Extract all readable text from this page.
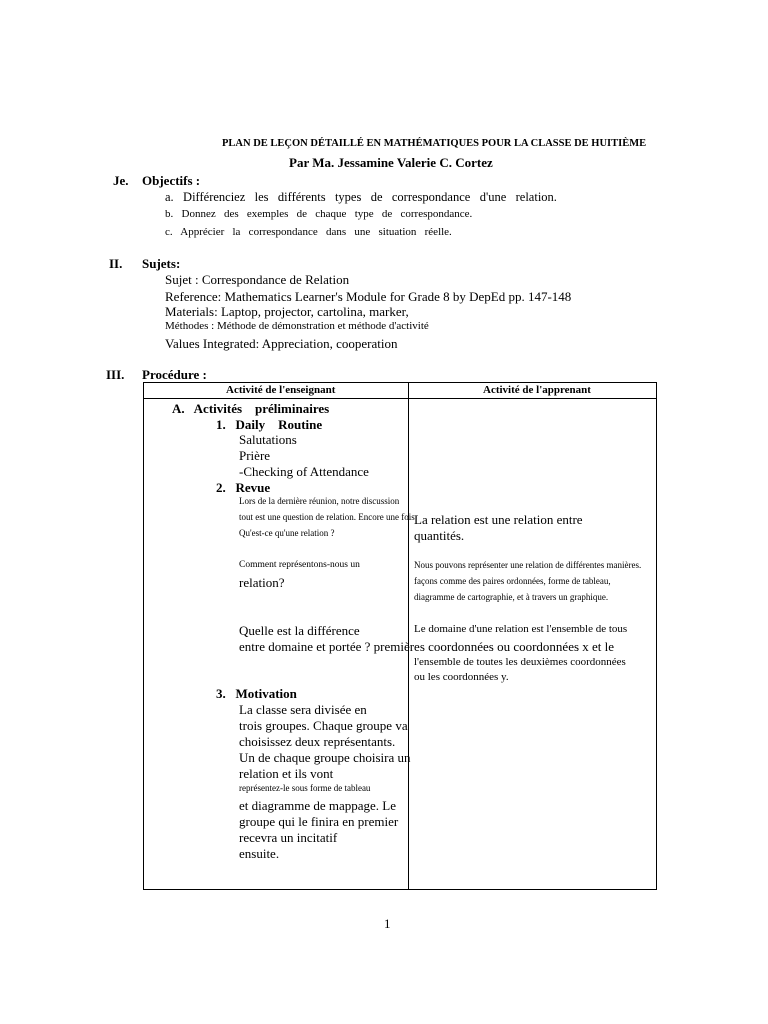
PLAN DE LEÇON DÉTAILLÉ EN MATHÉMATIQUES POUR LA CLASSE DE HUITIÈME
Par Ma. Jessamine Valerie C. Cortez
Je. Objectifs :
a.   Différenciez   les   différents   types   de   correspondance   d'une   relation.
b.   Donnez   des   exemples   de   chaque   type   de   correspondance.
c.   Apprécier   la   correspondance   dans   une   situation   réelle.
II. Sujets:
Sujet : Correspondance de Relation
Reference: Mathematics Learner's Module for Grade 8 by DepEd pp. 147-148
Materials: Laptop, projector, cartolina, marker,
Méthodes : Méthode de démonstration et méthode d'activité
Values Integrated: Appreciation, cooperation
III. Procédure :
Activité de l'enseignant	Activité de l'apprenant
A.   Activités    préliminaires
1.   Daily    Routine
Salutations
Prière
-Checking of Attendance
2.   Revue
Lors de la dernière réunion, notre discussion
tout est une question de relation. Encore une fois
Qu'est-ce qu'une relation ?
Comment représentons-nous un
relation?
Quelle est la différence
entre domaine et portée ? premières coordonnées ou coordonnées x et le
3.   Motivation
La classe sera divisée en
trois groupes. Chaque groupe va
choisissez deux représentants.
Un de chaque groupe choisira un
relation et ils vont
représentez-le sous forme de tableau
et diagramme de mappage. Le
groupe qui le finira en premier
recevra un incitatif
ensuite.
La relation est une relation entre
quantités.
Nous pouvons représenter une relation de différentes manières.
façons comme des paires ordonnées, forme de tableau,
diagramme de cartographie, et à travers un graphique.
Le domaine d'une relation est l'ensemble de tous
l'ensemble de toutes les deuxièmes coordonnées
ou les coordonnées y.
1
